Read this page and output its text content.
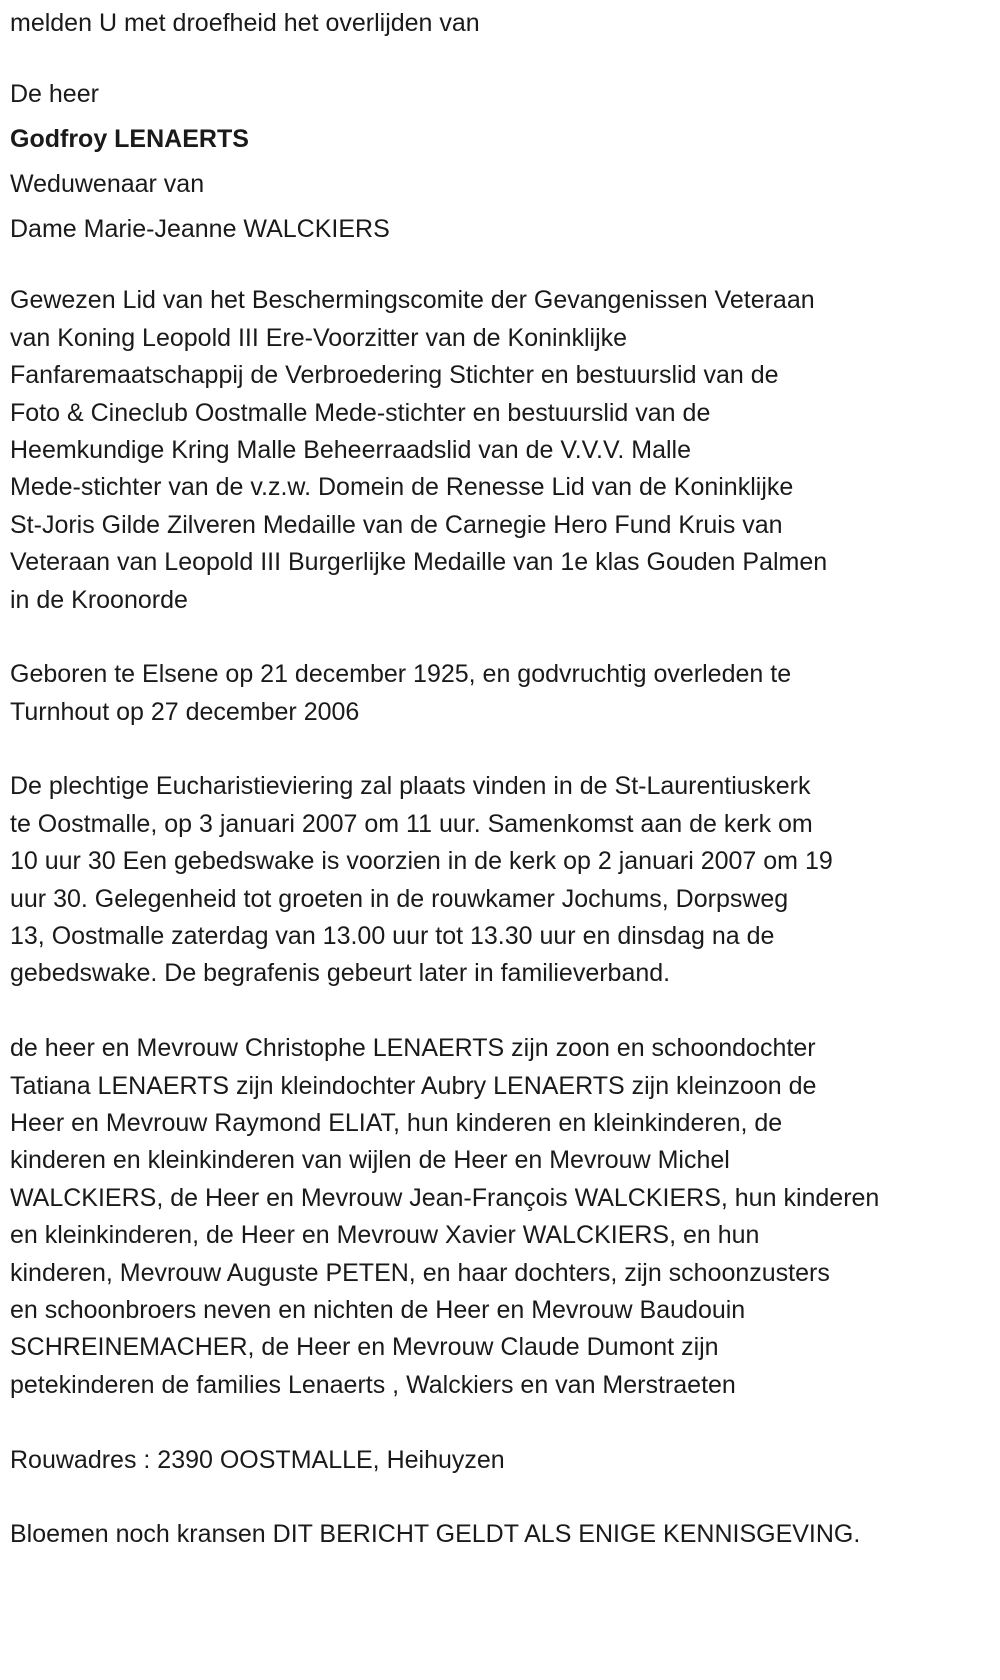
melden U met droefheid het overlijden van
De heer
Godfroy LENAERTS
Weduwenaar van
Dame Marie-Jeanne WALCKIERS
Gewezen Lid van het Beschermingscomite der Gevangenissen Veteraan
van Koning Leopold III Ere-Voorzitter van de Koninklijke
Fanfaremaatschappij de Verbroedering Stichter en bestuurslid van de
Foto & Cineclub Oostmalle Mede-stichter en bestuurslid van de
Heemkundige Kring Malle Beheerraadslid van de V.V.V. Malle
Mede-stichter van de v.z.w. Domein de Renesse Lid van de Koninklijke
St-Joris Gilde Zilveren Medaille van de Carnegie Hero Fund Kruis van
Veteraan van Leopold III Burgerlijke Medaille van 1e klas Gouden Palmen
in de Kroonorde
Geboren te Elsene op 21 december 1925, en godvruchtig overleden te
Turnhout op 27 december 2006
De plechtige Eucharistieviering zal plaats vinden in de St-Laurentiuskerk
te Oostmalle, op 3 januari 2007 om 11 uur. Samenkomst aan de kerk om
10 uur 30 Een gebedswake is voorzien in de kerk op 2 januari 2007 om 19
uur 30. Gelegenheid tot groeten in de rouwkamer Jochums, Dorpsweg
13, Oostmalle zaterdag van 13.00 uur tot 13.30 uur en dinsdag na de
gebedswake. De begrafenis gebeurt later in familieverband.
de heer en Mevrouw Christophe LENAERTS zijn zoon en schoondochter
Tatiana LENAERTS zijn kleindochter Aubry LENAERTS zijn kleinzoon de
Heer en Mevrouw Raymond ELIAT, hun kinderen en kleinkinderen, de
kinderen en kleinkinderen van wijlen de Heer en Mevrouw Michel
WALCKIERS, de Heer en Mevrouw Jean-François WALCKIERS, hun kinderen
en kleinkinderen, de Heer en Mevrouw Xavier WALCKIERS, en hun
kinderen, Mevrouw Auguste PETEN, en haar dochters, zijn schoonzusters
en schoonbroers neven en nichten de Heer en Mevrouw Baudouin
SCHREINEMACHER, de Heer en Mevrouw Claude Dumont zijn
petekinderen de families Lenaerts , Walckiers en van Merstraeten
Rouwadres : 2390 OOSTMALLE, Heihuyzen
Bloemen noch kransen DIT BERICHT GELDT ALS ENIGE KENNISGEVING.
